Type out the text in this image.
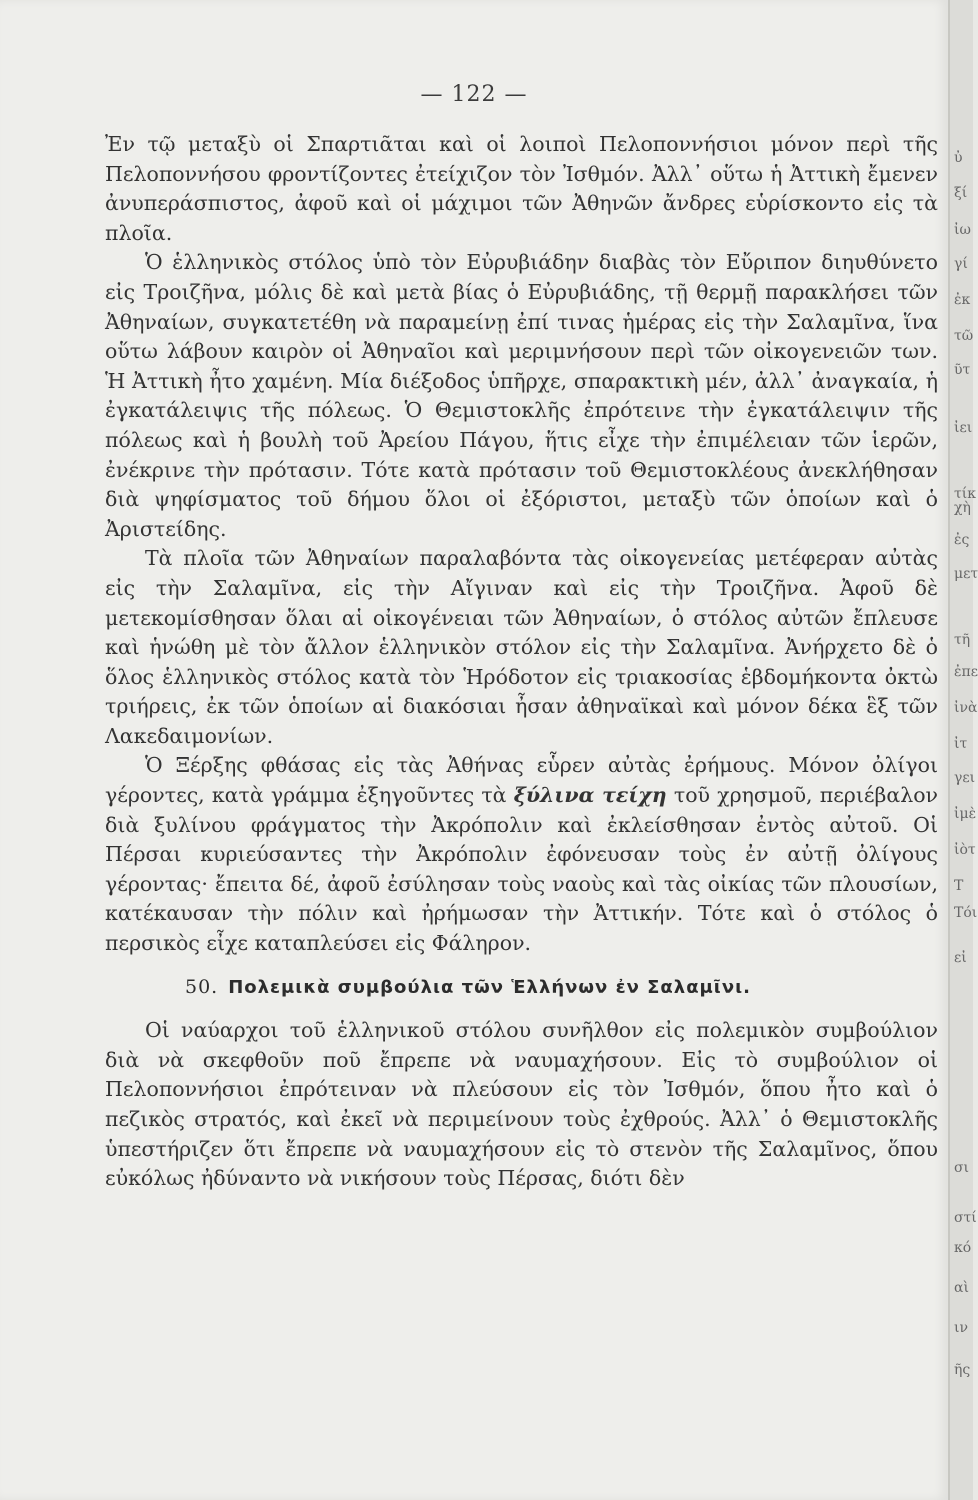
— 122 —

Ἐν τῷ μεταξὺ οἱ Σπαρτιᾶται καὶ οἱ λοιποὶ Πελοποννήσιοι μόνον περὶ τῆς Πελοποννήσου φροντίζοντες ἐτείχιζον τὸν Ἰσθμόν. Ἀλλ᾽ οὕτω ἡ Ἀττικὴ ἔμενεν ἀνυπεράσπιστος, ἀφοῦ καὶ οἱ μάχιμοι τῶν Ἀθηνῶν ἄνδρες εὑρίσκοντο εἰς τὰ πλοῖα.

Ὁ ἑλληνικὸς στόλος ὑπὸ τὸν Εὐρυβιάδην διαβὰς τὸν Εὔριπον διηυθύνετο εἰς Τροιζῆνα, μόλις δὲ καὶ μετὰ βίας ὁ Εὐρυβιάδης, τῇ θερμῇ παρακλήσει τῶν Ἀθηναίων, συγκατετέθη νὰ παραμείνῃ ἐπί τινας ἡμέρας εἰς τὴν Σαλαμῖνα, ἵνα οὕτω λάβουν καιρὸν οἱ Ἀθηναῖοι καὶ μεριμνήσουν περὶ τῶν οἰκογενειῶν των. Ἡ Ἀττικὴ ἦτο χαμένη. Μία διέξοδος ὑπῆρχε, σπαρακτικὴ μέν, ἀλλ᾽ ἀναγκαία, ἡ ἐγκατάλειψις τῆς πόλεως. Ὁ Θεμιστοκλῆς ἐπρότεινε τὴν ἐγκατάλειψιν τῆς πόλεως καὶ ἡ βουλὴ τοῦ Ἀρείου Πάγου, ἥτις εἶχε τὴν ἐπιμέλειαν τῶν ἱερῶν, ἐνέκρινε τὴν πρότασιν. Τότε κατὰ πρότασιν τοῦ Θεμιστοκλέους ἀνεκλήθησαν διὰ ψηφίσματος τοῦ δήμου ὅλοι οἱ ἐξόριστοι, μεταξὺ τῶν ὁποίων καὶ ὁ Ἀριστείδης.

Τὰ πλοῖα τῶν Ἀθηναίων παραλαβόντα τὰς οἰκογενείας μετέφεραν αὐτὰς εἰς τὴν Σαλαμῖνα, εἰς τὴν Αἴγιναν καὶ εἰς τὴν Τροιζῆνα. Ἀφοῦ δὲ μετεκομίσθησαν ὅλαι αἱ οἰκογένειαι τῶν Ἀθηναίων, ὁ στόλος αὐτῶν ἔπλευσε καὶ ἡνώθη μὲ τὸν ἄλλον ἑλληνικὸν στόλον εἰς τὴν Σαλαμῖνα. Ἀνήρχετο δὲ ὁ ὅλος ἑλληνικὸς στόλος κατὰ τὸν Ἡρόδοτον εἰς τριακοσίας ἑβδομήκοντα ὀκτὼ τριήρεις, ἐκ τῶν ὁποίων αἱ διακόσιαι ἦσαν ἀθηναϊκαὶ καὶ μόνον δέκα ἓξ τῶν Λακεδαιμονίων.

Ὁ Ξέρξης φθάσας εἰς τὰς Ἀθήνας εὗρεν αὐτὰς ἐρήμους. Μόνον ὀλίγοι γέροντες, κατὰ γράμμα ἐξηγοῦντες τὰ ξύλινα τείχη τοῦ χρησμοῦ, περιέβαλον διὰ ξυλίνου φράγματος τὴν Ἀκρόπολιν καὶ ἐκλείσθησαν ἐντὸς αὐτοῦ. Οἱ Πέρσαι κυριεύσαντες τὴν Ἀκρόπολιν ἐφόνευσαν τοὺς ἐν αὐτῇ ὀλίγους γέροντας· ἔπειτα δέ, ἀφοῦ ἐσύλησαν τοὺς ναοὺς καὶ τὰς οἰκίας τῶν πλουσίων, κατέκαυσαν τὴν πόλιν καὶ ἠρήμωσαν τὴν Ἀττικήν. Τότε καὶ ὁ στόλος ὁ περσικὸς εἶχε καταπλεύσει εἰς Φάληρον.

50. Πολεμικὰ συμβούλια τῶν Ἑλλήνων ἐν Σαλαμῖνι.

Οἱ ναύαρχοι τοῦ ἑλληνικοῦ στόλου συνῆλθον εἰς πολεμικὸν συμβούλιον διὰ νὰ σκεφθοῦν ποῦ ἔπρεπε νὰ ναυμαχήσουν. Εἰς τὸ συμβούλιον οἱ Πελοποννήσιοι ἐπρότειναν νὰ πλεύσουν εἰς τὸν Ἰσθμόν, ὅπου ἦτο καὶ ὁ πεζικὸς στρατός, καὶ ἐκεῖ νὰ περιμείνουν τοὺς ἐχθρούς. Ἀλλ᾽ ὁ Θεμιστοκλῆς ὑπεστήριζεν ὅτι ἔπρεπε νὰ ναυμαχήσουν εἰς τὸ στενὸν τῆς Σαλαμῖνος, ὅπου εὐκόλως ἠδύναντο νὰ νικήσουν τοὺς Πέρσας, διότι δὲν

ὐ
ξί
ἰω
γί
ἐκ
τῶ
ῦτ
ἰει
τίκ
χὴ
ἐς
μετ
τῆ
ἐπε
ἰνὰ
ἰτ
γει
ἰμὲ
ἰὸτ
Τ
Τόι
εἰ
σι
στί
κό
αὶ
ιν
ῆς
